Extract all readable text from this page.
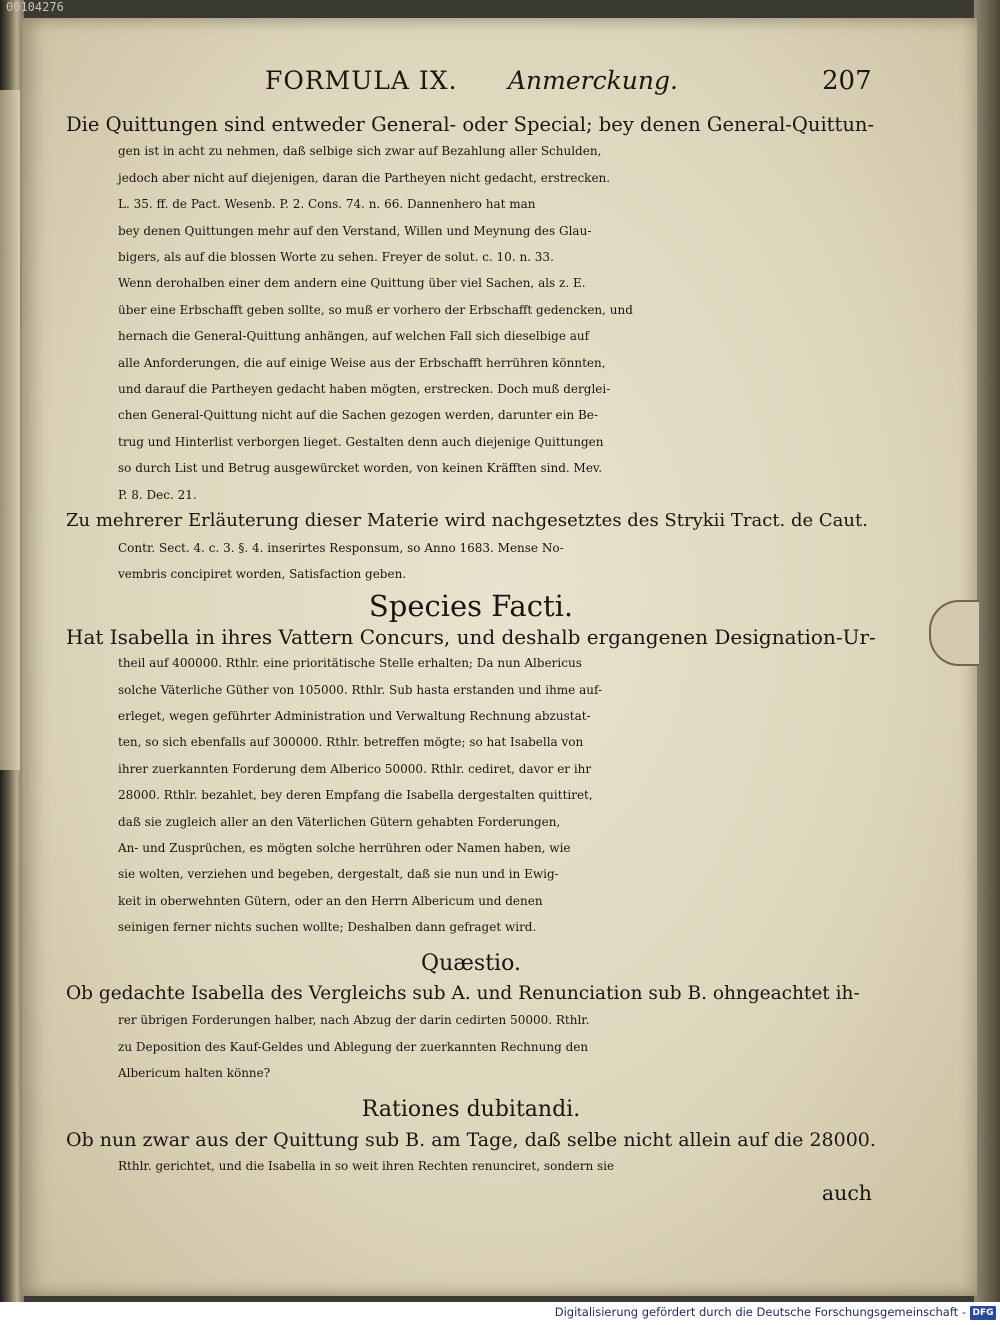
00104276
FORMULA IX. Anmerckung.	207
Die Quittungen sind entweder General- oder Special; bey denen General-Quittun-
gen ist in acht zu nehmen, daß selbige sich zwar auf Bezahlung aller Schulden,
jedoch aber nicht auf diejenigen, daran die Partheyen nicht gedacht, erstrecken.
L. 35. ff. de Pact. Wesenb. P. 2. Cons. 74. n. 66. Dannenhero hat man
bey denen Quittungen mehr auf den Verstand, Willen und Meynung des Glau-
bigers, als auf die blossen Worte zu sehen. Freyer de solut. c. 10. n. 33.
Wenn derohalben einer dem andern eine Quittung über viel Sachen, als z. E.
über eine Erbschafft geben sollte, so muß er vorhero der Erbschafft gedencken, und
hernach die General-Quittung anhängen, auf welchen Fall sich dieselbige auf
alle Anforderungen, die auf einige Weise aus der Erbschafft herrühren könnten,
und darauf die Partheyen gedacht haben mögten, erstrecken. Doch muß derglei-
chen General-Quittung nicht auf die Sachen gezogen werden, darunter ein Be-
trug und Hinterlist verborgen lieget. Gestalten denn auch diejenige Quittungen
so durch List und Betrug ausgewürcket worden, von keinen Kräfften sind. Mev.
P. 8. Dec. 21.
Zu mehrerer Erläuterung dieser Materie wird nachgesetztes des Strykii Tract. de Caut.
Contr. Sect. 4. c. 3. §. 4. inserirtes Responsum, so Anno 1683. Mense No-
vembris concipiret worden, Satisfaction geben.
Species Facti.
Hat Isabella in ihres Vattern Concurs, und deshalb ergangenen Designation-Ur-
theil auf 400000. Rthlr. eine prioritätische Stelle erhalten; Da nun Albericus
solche Väterliche Güther von 105000. Rthlr. Sub hasta erstanden und ihme auf-
erleget, wegen geführter Administration und Verwaltung Rechnung abzustat-
ten, so sich ebenfalls auf 300000. Rthlr. betreffen mögte; so hat Isabella von
ihrer zuerkannten Forderung dem Alberico 50000. Rthlr. cediret, davor er ihr
28000. Rthlr. bezahlet, bey deren Empfang die Isabella dergestalten quittiret,
daß sie zugleich aller an den Väterlichen Gütern gehabten Forderungen,
An- und Zusprüchen, es mögten solche herrühren oder Namen haben, wie
sie wolten, verziehen und begeben, dergestalt, daß sie nun und in Ewig-
keit in oberwehnten Gütern, oder an den Herrn Albericum und denen
seinigen ferner nichts suchen wollte; Deshalben dann gefraget wird.
Quæstio.
Ob gedachte Isabella des Vergleichs sub A. und Renunciation sub B. ohngeachtet ih-
rer übrigen Forderungen halber, nach Abzug der darin cedirten 50000. Rthlr.
zu Deposition des Kauf-Geldes und Ablegung der zuerkannten Rechnung den
Albericum halten könne?
Rationes dubitandi.
Ob nun zwar aus der Quittung sub B. am Tage, daß selbe nicht allein auf die 28000.
Rthlr. gerichtet, und die Isabella in so weit ihren Rechten renunciret, sondern sie
auch
Digitalisierung gefördert durch die Deutsche Forschungsgemeinschaft - DFG
